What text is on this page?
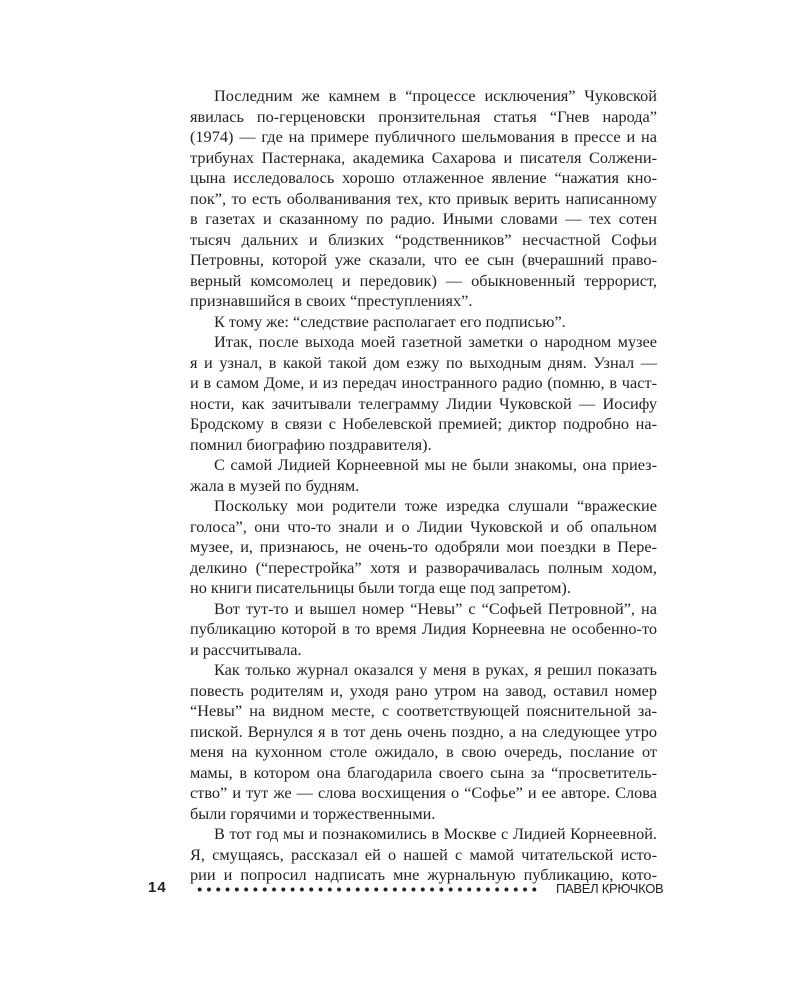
Последним же камнем в “процессе исключения” Чуковской
явилась по-герценовски пронзительная статья “Гнев народа”
(1974) — где на примере публичного шельмования в прессе и на
трибунах Пастернака, академика Сахарова и писателя Солжени-
цына исследовалось хорошо отлаженное явление “нажатия кно-
пок”, то есть оболванивания тех, кто привык верить написанному
в газетах и сказанному по радио. Иными словами — тех сотен
тысяч дальних и близких “родственников” несчастной Софьи
Петровны, которой уже сказали, что ее сын (вчерашний право-
верный комсомолец и передовик) — обыкновенный террорист,
признавшийся в своих “преступлениях”.
К тому же: “следствие располагает его подписью”.
Итак, после выхода моей газетной заметки о народном музее
я и узнал, в какой такой дом езжу по выходным дням. Узнал —
и в самом Доме, и из передач иностранного радио (помню, в част-
ности, как зачитывали телеграмму Лидии Чуковской — Иосифу
Бродскому в связи с Нобелевской премией; диктор подробно на-
помнил биографию поздравителя).
С самой Лидией Корнеевной мы не были знакомы, она приез-
жала в музей по будням.
Поскольку мои родители тоже изредка слушали “вражеские
голоса”, они что-то знали и о Лидии Чуковской и об опальном
музее, и, признаюсь, не очень-то одобряли мои поездки в Пере-
делкино (“перестройка” хотя и разворачивалась полным ходом,
но книги писательницы были тогда еще под запретом).
Вот тут-то и вышел номер “Невы” с “Софьей Петровной”, на
публикацию которой в то время Лидия Корнеевна не особенно-то
и рассчитывала.
Как только журнал оказался у меня в руках, я решил показать
повесть родителям и, уходя рано утром на завод, оставил номер
“Невы” на видном месте, с соответствующей пояснительной за-
пиской. Вернулся я в тот день очень поздно, а на следующее утро
меня на кухонном столе ожидало, в свою очередь, послание от
мамы, в котором она благодарила своего сына за “просветитель-
ство” и тут же — слова восхищения о “Софье” и ее авторе. Слова
были горячими и торжественными.
В тот год мы и познакомились в Москве с Лидией Корнеевной.
Я, смущаясь, рассказал ей о нашей с мамой читательской исто-
рии и попросил надписать мне журнальную публикацию, кото-
14	ПАВЕЛ КРЮЧКОВ
